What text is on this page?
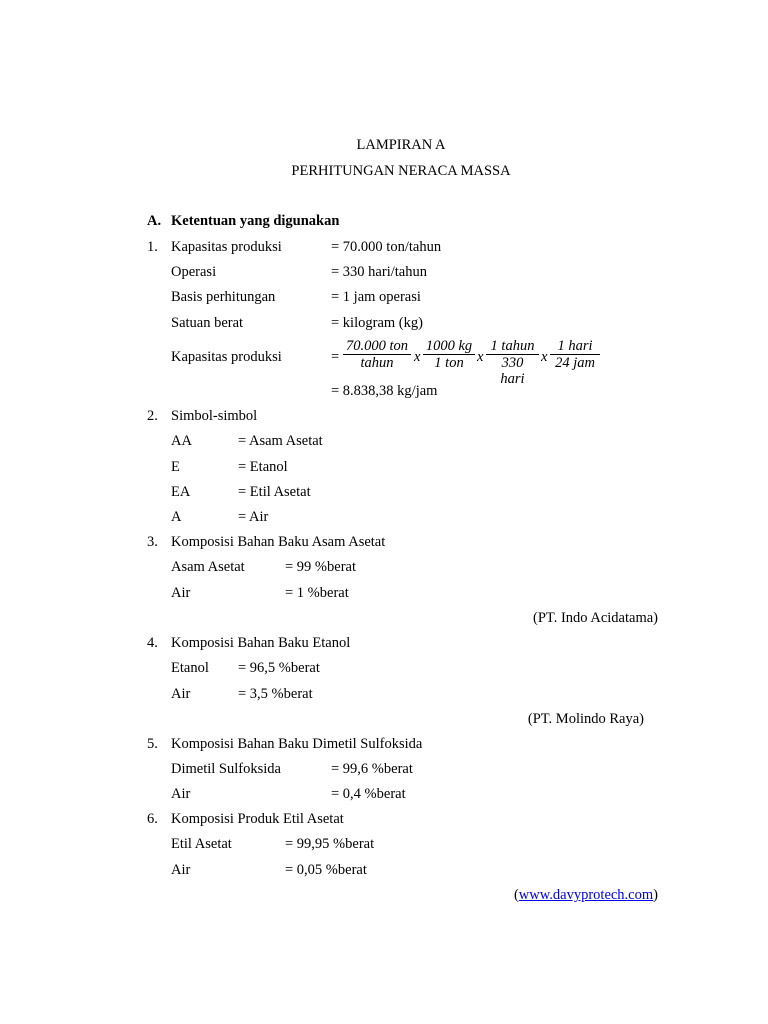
LAMPIRAN A
PERHITUNGAN NERACA MASSA
A. Ketentuan yang digunakan
1. Kapasitas produksi	= 70.000 ton/tahun
Operasi	= 330 hari/tahun
Basis perhitungan	= 1 jam operasi
Satuan berat	= kilogram (kg)
Kapasitas produksi	=
70.000 ton
tahun	x
1000 kg
1 ton x
1 tahun
330 hari
x
1 hari
24 jam
= 8.838,38 kg/jam
2. Simbol-simbol
AA	= Asam Asetat
E	= Etanol
EA	= Etil Asetat
A	= Air
3. Komposisi Bahan Baku Asam Asetat
Asam Asetat	= 99 %berat
Air	= 1 %berat
(PT. Indo Acidatama)
4. Komposisi Bahan Baku Etanol
Etanol = 96,5 %berat
Air	= 3,5 %berat
(PT. Molindo Raya)
5. Komposisi Bahan Baku Dimetil Sulfoksida
Dimetil Sulfoksida	= 99,6 %berat
Air	= 0,4 %berat
6. Komposisi Produk Etil Asetat
Etil Asetat	= 99,95 %berat
Air	= 0,05 %berat
(www.davyprotech.com)
